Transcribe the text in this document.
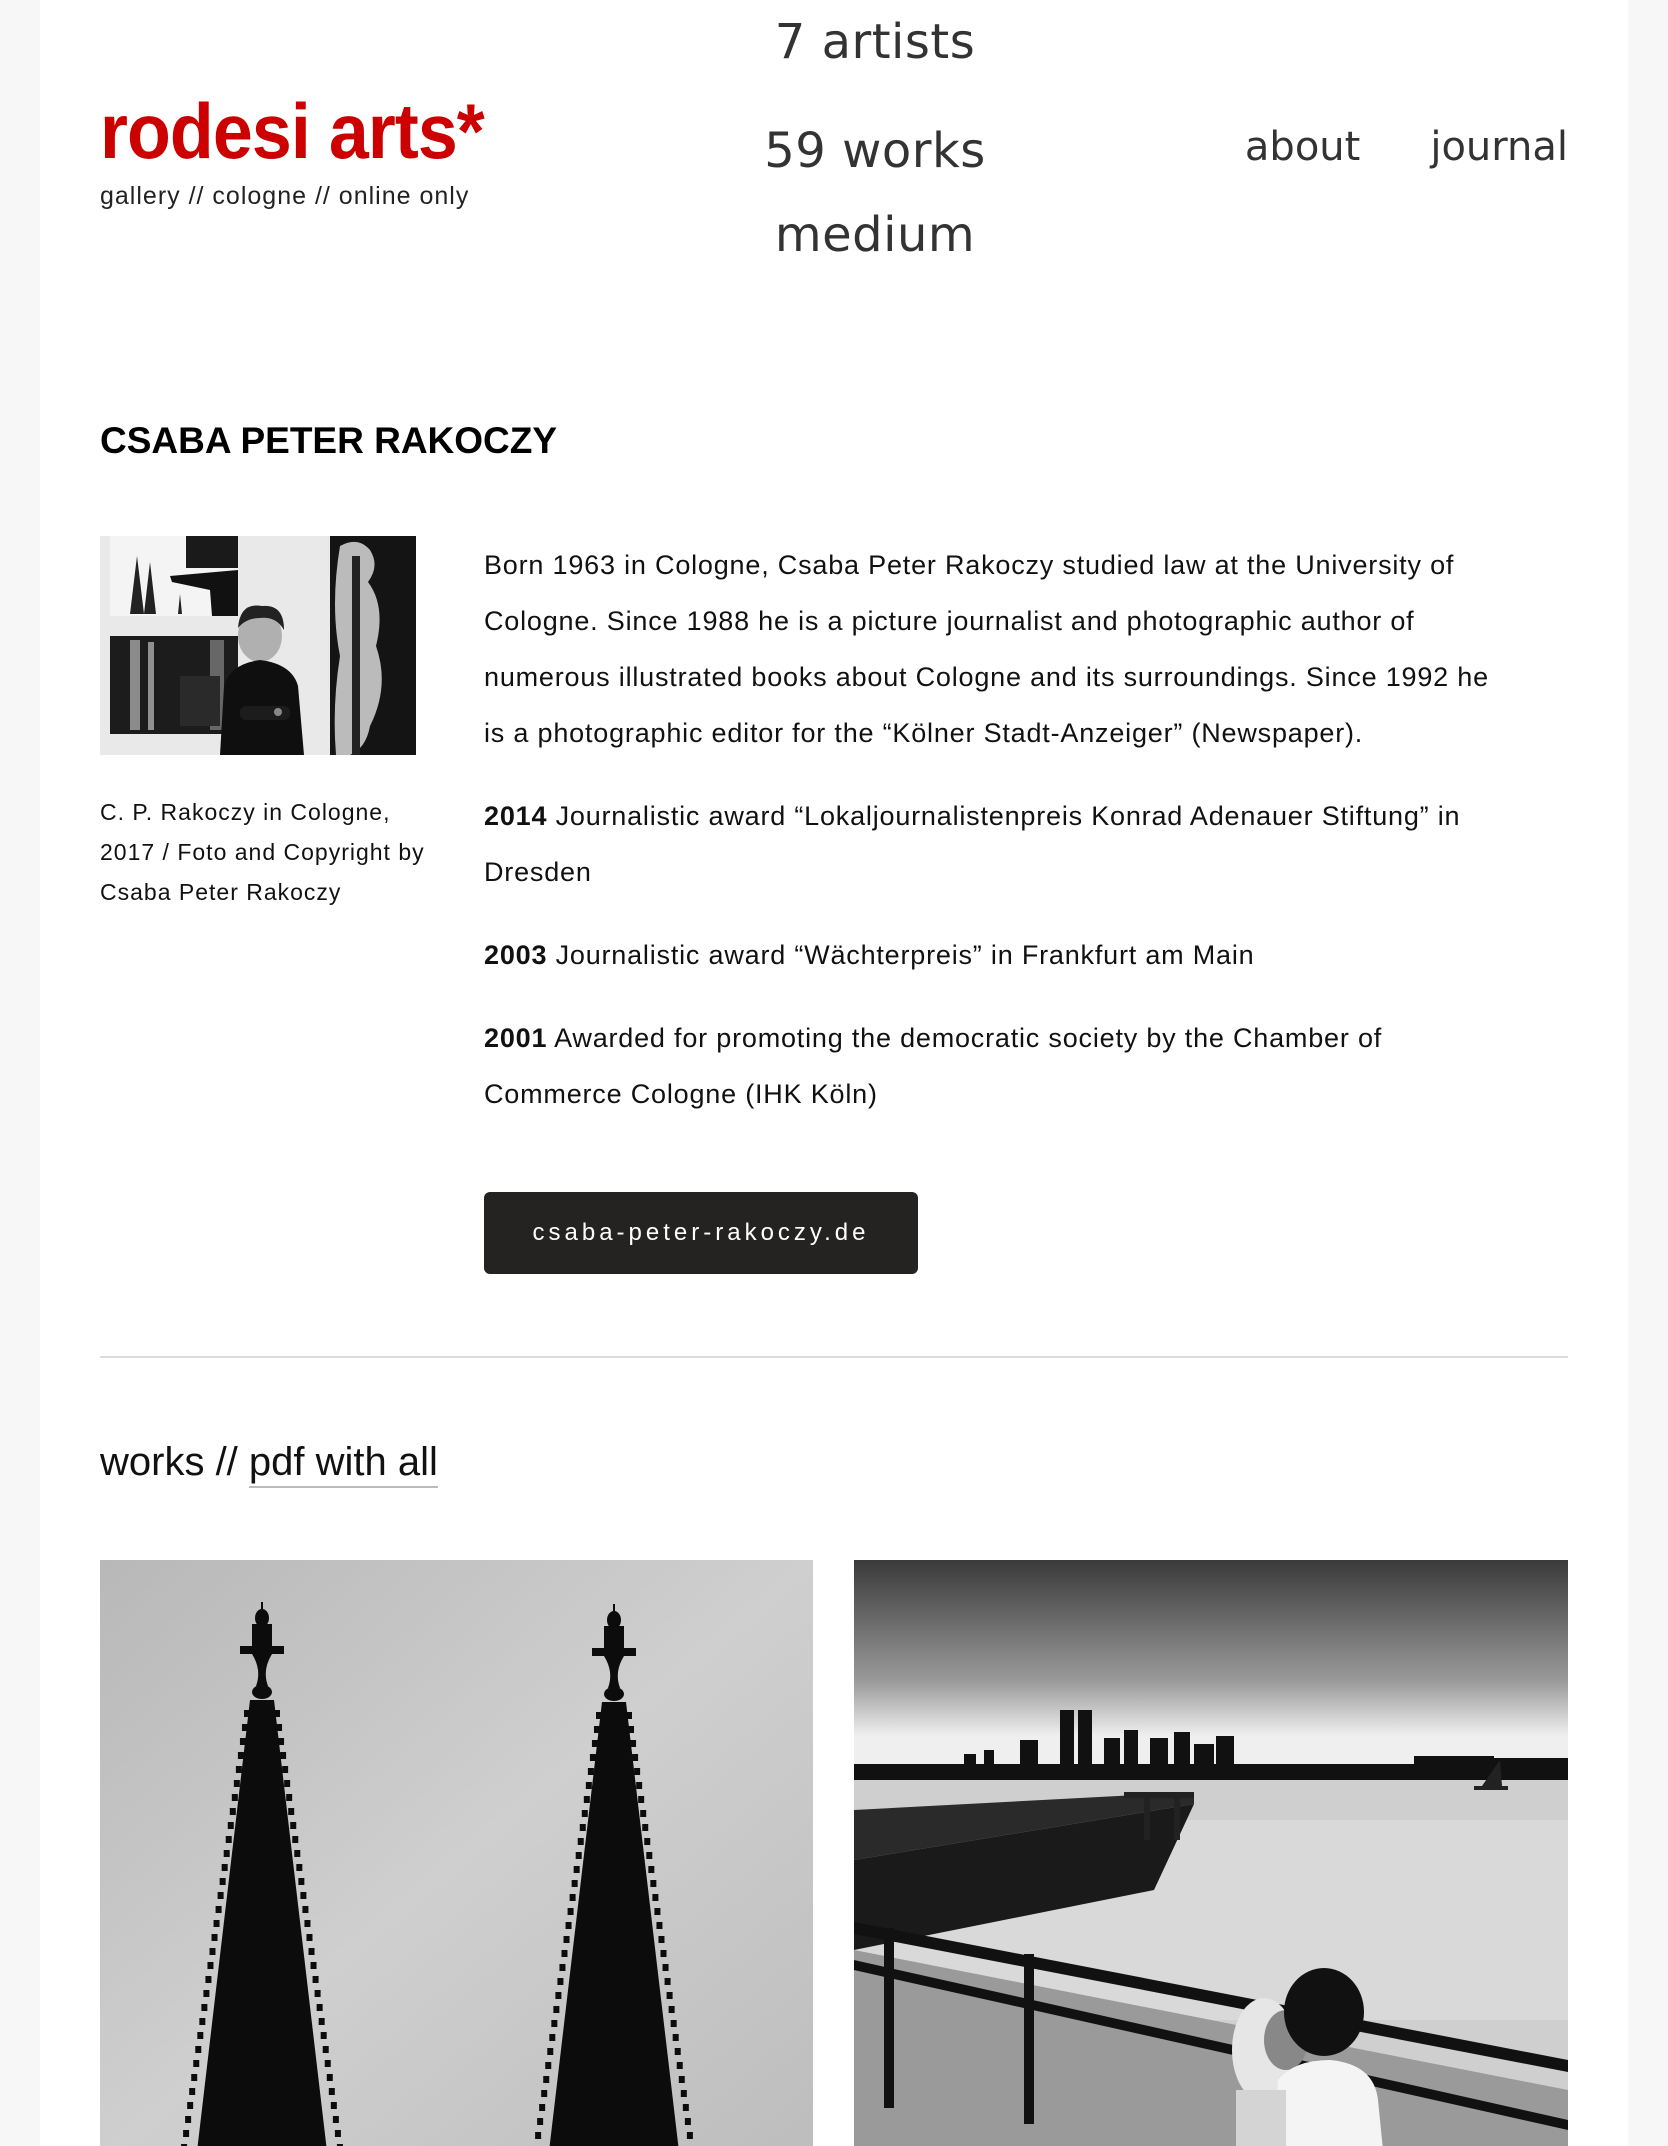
rodesi arts*
gallery // cologne // online only
7 artists
59 works
medium
about journal
CSABA PETER RAKOCZY
C. P. Rakoczy in Cologne, 2017 / Foto and Copyright by Csaba Peter Rakoczy

Born 1963 in Cologne, Csaba Peter Rakoczy studied law at the University of Cologne. Since 1988 he is a picture journalist and photographic author of numerous illustrated books about Cologne and its surroundings. Since 1992 he is a photographic editor for the “Kölner Stadt-Anzeiger” (Newspaper).

2014 Journalistic award “Lokaljournalistenpreis Konrad Adenauer Stiftung” in Dresden

2003 Journalistic award “Wächterpreis” in Frankfurt am Main

2001 Awarded for promoting the democratic society by the Chamber of Commerce Cologne (IHK Köln)

csaba-peter-rakoczy.de
works // pdf with all
